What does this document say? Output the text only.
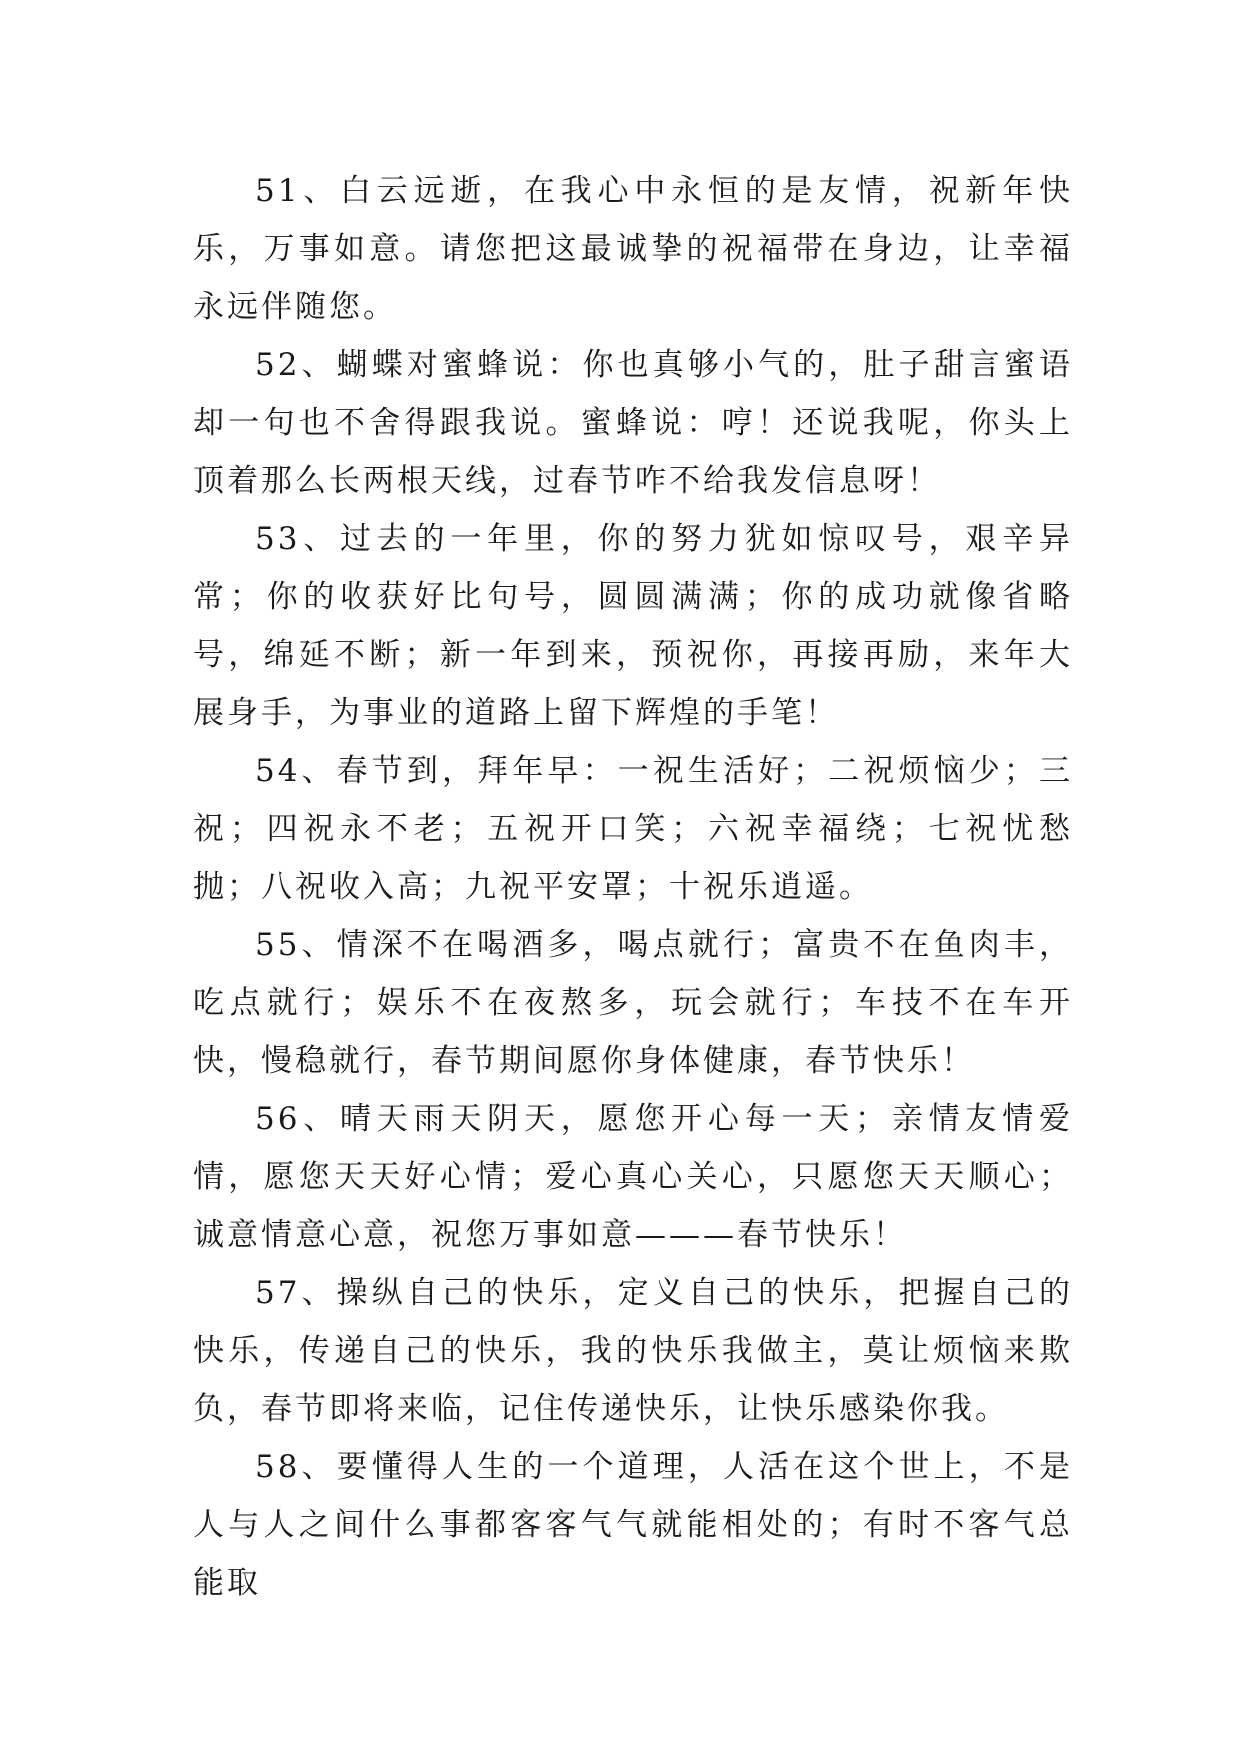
51、白云远逝，在我心中永恒的是友情，祝新年快乐，万事如意。请您把这最诚挚的祝福带在身边，让幸福永远伴随您。

52、蝴蝶对蜜蜂说：你也真够小气的，肚子甜言蜜语却一句也不舍得跟我说。蜜蜂说：哼！还说我呢，你头上顶着那么长两根天线，过春节咋不给我发信息呀！

53、过去的一年里，你的努力犹如惊叹号，艰辛异常；你的收获好比句号，圆圆满满；你的成功就像省略号，绵延不断；新一年到来，预祝你，再接再励，来年大展身手，为事业的道路上留下辉煌的手笔！

54、春节到，拜年早：一祝生活好；二祝烦恼少；三祝；四祝永不老；五祝开口笑；六祝幸福绕；七祝忧愁抛；八祝收入高；九祝平安罩；十祝乐逍遥。

55、情深不在喝酒多，喝点就行；富贵不在鱼肉丰，吃点就行；娱乐不在夜熬多，玩会就行；车技不在车开快，慢稳就行，春节期间愿你身体健康，春节快乐！

56、晴天雨天阴天，愿您开心每一天；亲情友情爱情，愿您天天好心情；爱心真心关心，只愿您天天顺心；诚意情意心意，祝您万事如意———春节快乐！

57、操纵自己的快乐，定义自己的快乐，把握自己的快乐，传递自己的快乐，我的快乐我做主，莫让烦恼来欺负，春节即将来临，记住传递快乐，让快乐感染你我。

58、要懂得人生的一个道理，人活在这个世上，不是人与人之间什么事都客客气气就能相处的；有时不客气总能取
